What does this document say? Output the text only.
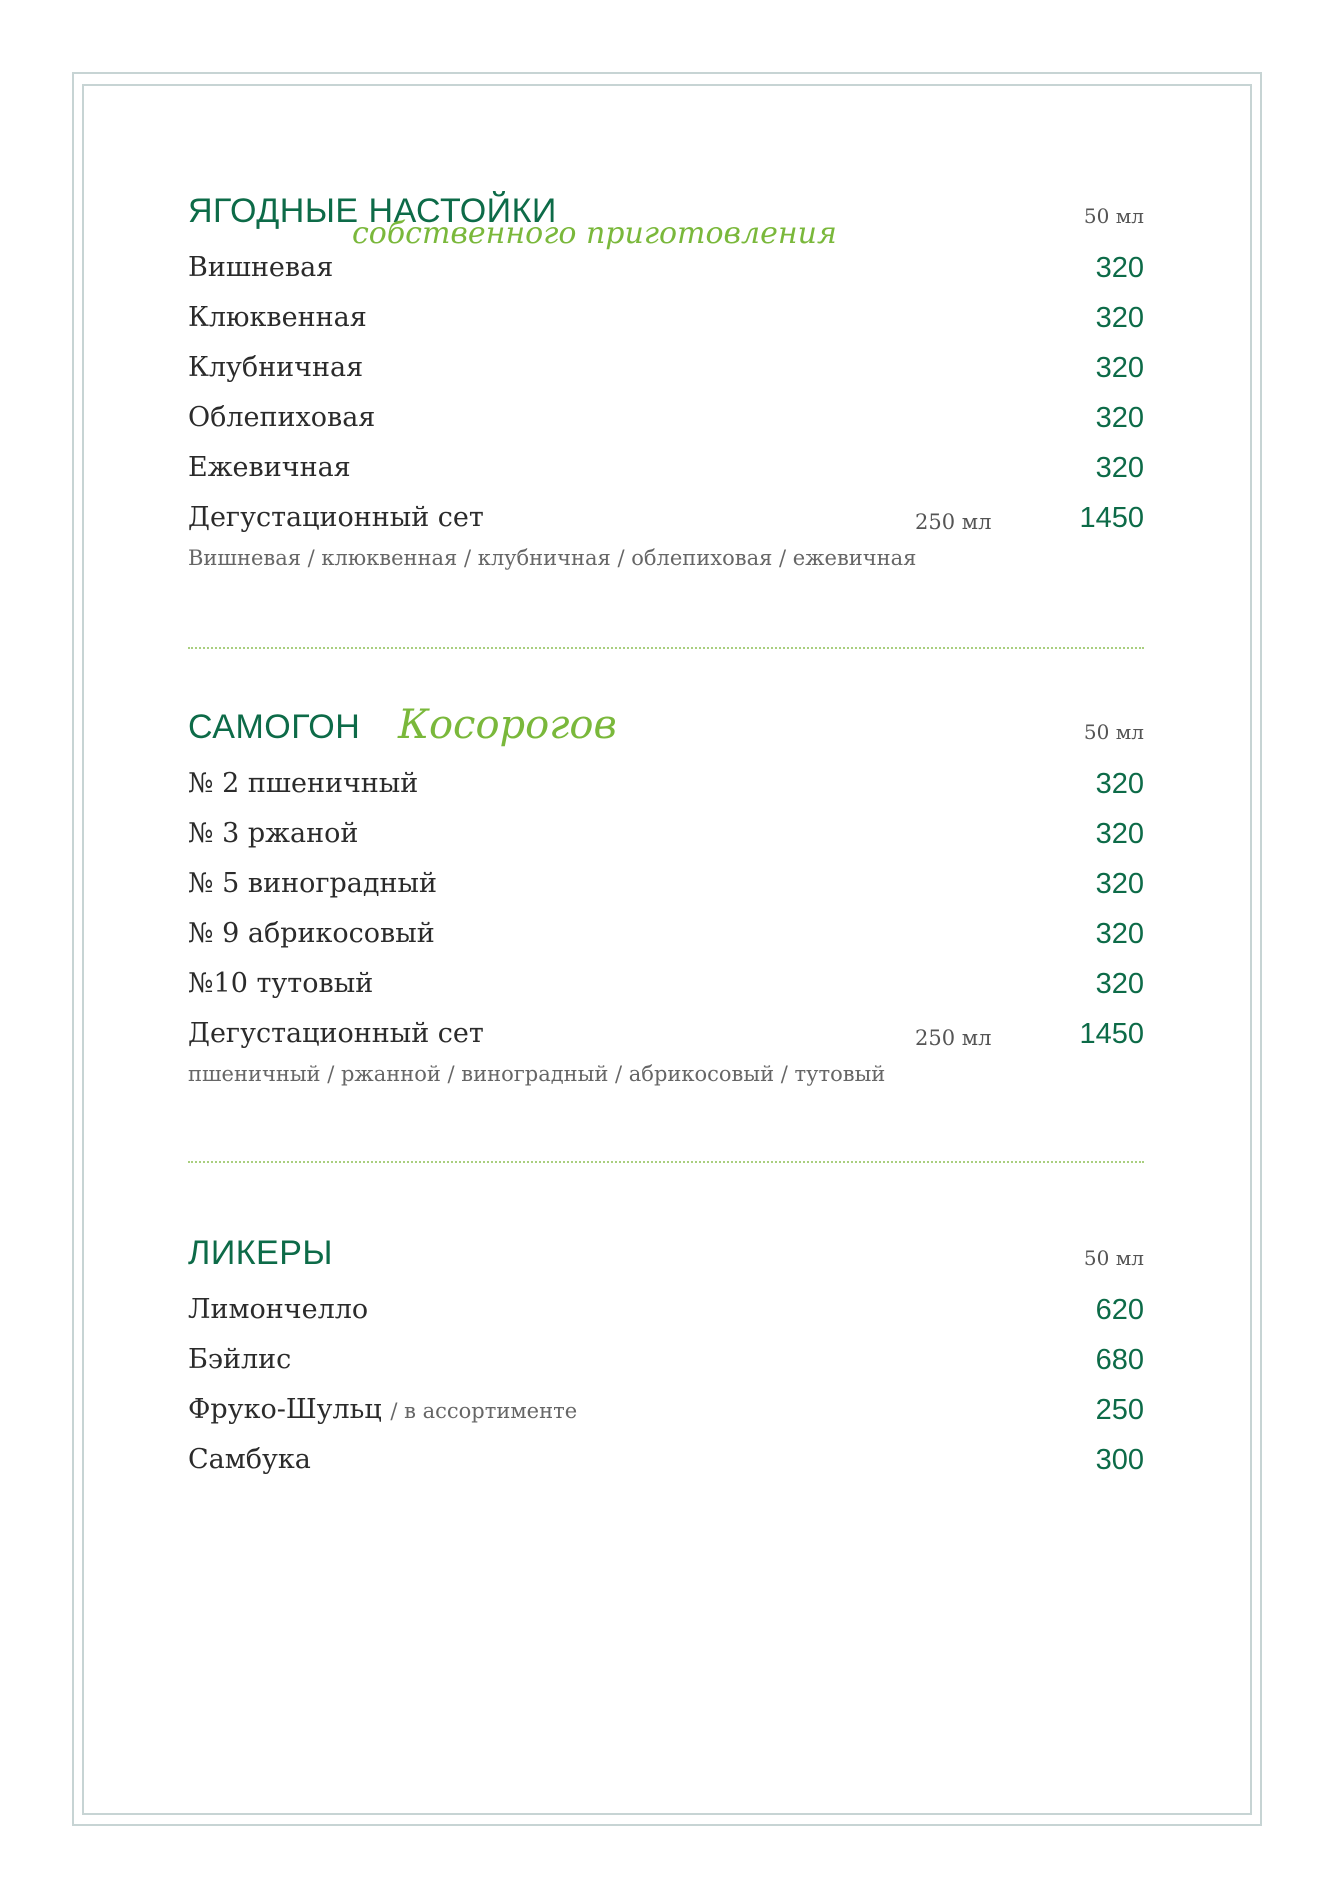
ЯГОДНЫЕ НАСТОЙКИ
собственного приготовления	50 мл
Вишневая	320
Клюквенная	320
Клубничная	320
Облепиховая	320
Ежевичная	320
Дегустационный сет	250 мл	1450
Вишневая / клюквенная / клубничная / облепиховая / ежевичная
САМОГОН Косорогов	50 мл
№ 2 пшеничный	320
№ 3 ржаной	320
№ 5 виноградный	320
№ 9 абрикосовый	320
№10 тутовый	320
Дегустационный сет	250 мл	1450
пшеничный / ржанной / виноградный / абрикосовый / тутовый
ЛИКЕРЫ	50 мл
Лимончелло	620
Бэйлис	680
Фруко-Шульц / в ассортименте	250
Самбука	300
